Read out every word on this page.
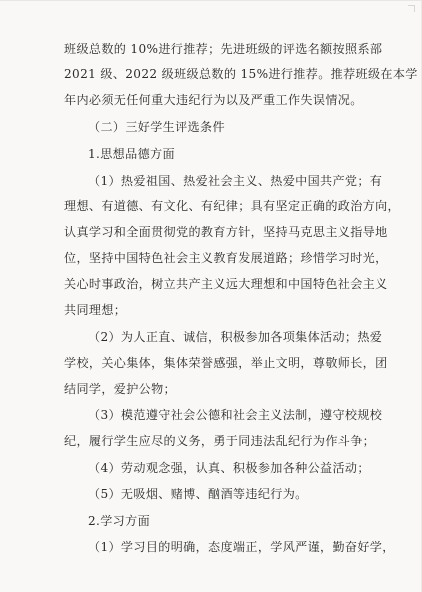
班级总数的 10%进行推荐；先进班级的评选名额按照系部
2021 级、2022 级班级总数的 15%进行推荐。推荐班级在本学
年内必须无任何重大违纪行为以及严重工作失误情况。
（二）三好学生评选条件
1.思想品德方面
（1）热爱祖国、热爱社会主义、热爱中国共产党；有
理想、有道德、有文化、有纪律；具有坚定正确的政治方向，
认真学习和全面贯彻党的教育方针，坚持马克思主义指导地
位，坚持中国特色社会主义教育发展道路；珍惜学习时光，
关心时事政治，树立共产主义远大理想和中国特色社会主义
共同理想；
（2）为人正直、诚信，积极参加各项集体活动；热爱
学校，关心集体，集体荣誉感强，举止文明，尊敬师长，团
结同学，爱护公物；
（3）模范遵守社会公德和社会主义法制，遵守校规校
纪，履行学生应尽的义务，勇于同违法乱纪行为作斗争；
（4）劳动观念强，认真、积极参加各种公益活动；
（5）无吸烟、赌博、酗酒等违纪行为。
2.学习方面
（1）学习目的明确，态度端正，学风严谨，勤奋好学，
